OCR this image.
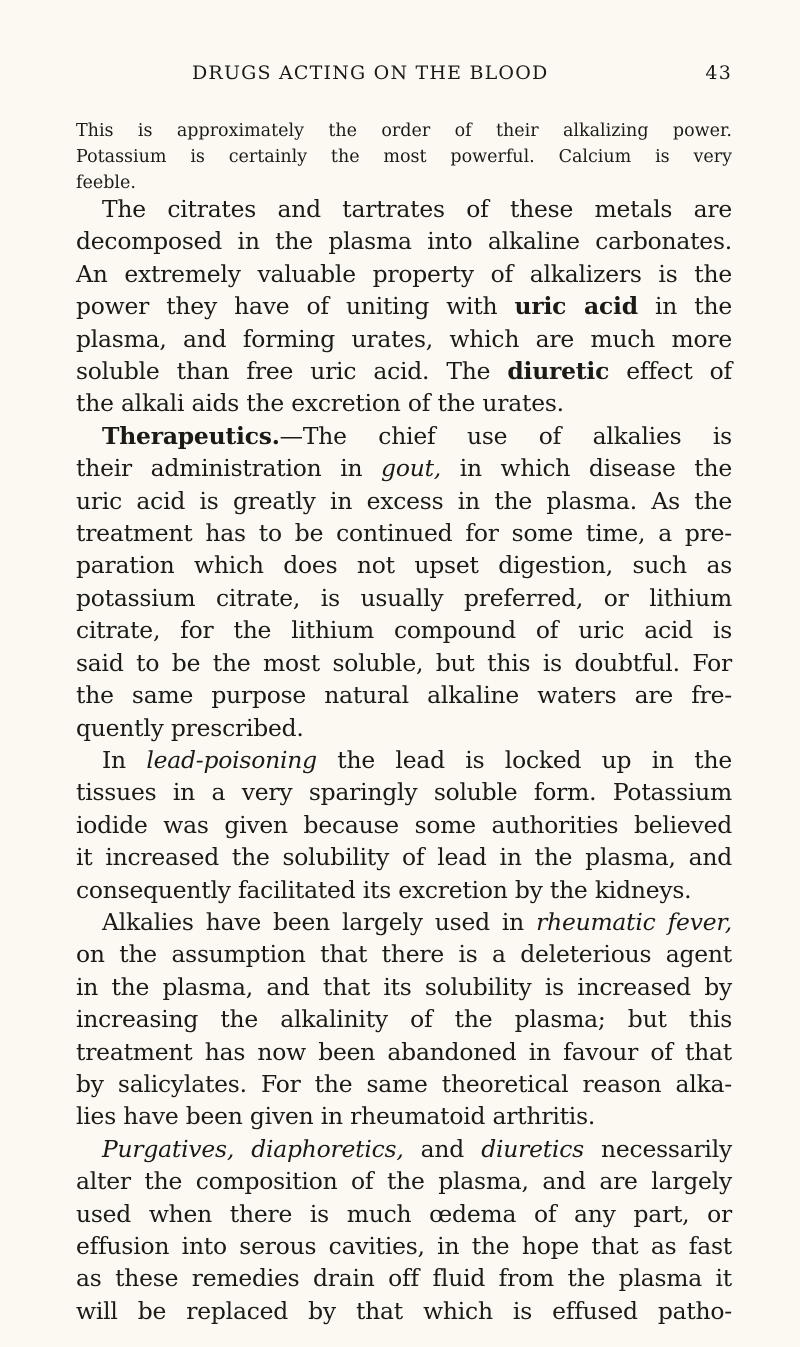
DRUGS ACTING ON THE BLOOD	43
This is approximately the order of their alkalizing power.
Potassium is certainly the most powerful. Calcium is very
feeble.

The citrates and tartrates of these metals are
decomposed in the plasma into alkaline carbonates.
An extremely valuable property of alkalizers is the
power they have of uniting with uric acid in the
plasma, and forming urates, which are much more
soluble than free uric acid. The diuretic effect of
the alkali aids the excretion of the urates.

Therapeutics.—The chief use of alkalies is
their administration in gout, in which disease the
uric acid is greatly in excess in the plasma. As the
treatment has to be continued for some time, a pre-
paration which does not upset digestion, such as
potassium citrate, is usually preferred, or lithium
citrate, for the lithium compound of uric acid is
said to be the most soluble, but this is doubtful. For
the same purpose natural alkaline waters are fre-
quently prescribed.

In lead-poisoning the lead is locked up in the
tissues in a very sparingly soluble form. Potassium
iodide was given because some authorities believed
it increased the solubility of lead in the plasma, and
consequently facilitated its excretion by the kidneys.

Alkalies have been largely used in rheumatic fever,
on the assumption that there is a deleterious agent
in the plasma, and that its solubility is increased by
increasing the alkalinity of the plasma; but this
treatment has now been abandoned in favour of that
by salicylates. For the same theoretical reason alka-
lies have been given in rheumatoid arthritis.

Purgatives, diaphoretics, and diuretics necessarily
alter the composition of the plasma, and are largely
used when there is much œdema of any part, or
effusion into serous cavities, in the hope that as fast
as these remedies drain off fluid from the plasma it
will be replaced by that which is effused patho-
